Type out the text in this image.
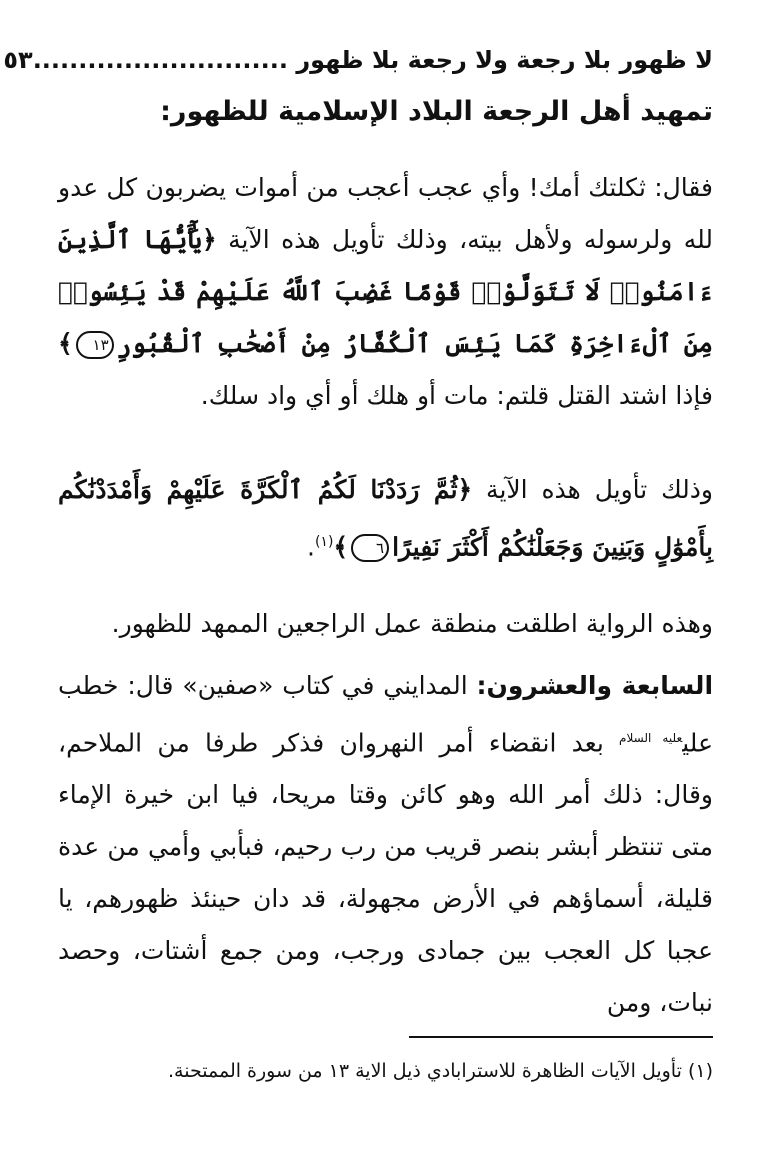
لا ظهور بلا رجعة ولا رجعة بلا ظهور ............................
٥٣
تمهيد أهل الرجعة البلاد الإسلامية للظهور:
فقال: ثكلتك أمك! وأي عجب أعجب من أموات يضربون كل عدو لله ولرسوله ولأهل بيته، وذلك تأويل هذه الآية ﴿يَٰٓأَيُّهَا ٱلَّذِينَ ءَامَنُوا۟ لَا تَتَوَلَّوْا۟ قَوْمًا غَضِبَ ٱللَّهُ عَلَيْهِمْ قَدْ يَئِسُوا۟ مِنَ ٱلْءَاخِرَةِ كَمَا يَئِسَ ٱلْكُفَّارُ مِنْ أَصْحَٰبِ ٱلْقُبُورِ١٣﴾ فإذا اشتد القتل قلتم: مات أو هلك أو أي واد سلك.
وذلك تأويل هذه الآية ﴿ثُمَّ رَدَدْنَا لَكُمُ ٱلْكَرَّةَ عَلَيْهِمْ وَأَمْدَدْنَٰكُم بِأَمْوَٰلٍ وَبَنِينَ وَجَعَلْنَٰكُمْ أَكْثَرَ نَفِيرًا٦﴾$^{(١)}$.
وهذه الرواية اطلقت منطقة عمل الراجعين الممهد للظهور.
السابعة والعشرون: المدايني في كتاب «صفين» قال: خطب علي$^{عليه السلام}$ بعد انقضاء أمر النهروان فذكر طرفا من الملاحم، وقال: ذلك أمر الله وهو كائن وقتا مريحا، فيا ابن خيرة الإماء متى تنتظر أبشر بنصر قريب من رب رحيم، فبأبي وأمي من عدة قليلة، أسماؤهم في الأرض مجهولة، قد دان حينئذ ظهورهم، يا عجبا كل العجب بين جمادى ورجب، ومن جمع أشتات، وحصد نبات، ومن
(١) تأويل الآيات الظاهرة للاسترابادي ذيل الاية ١٣ من سورة الممتحنة.
